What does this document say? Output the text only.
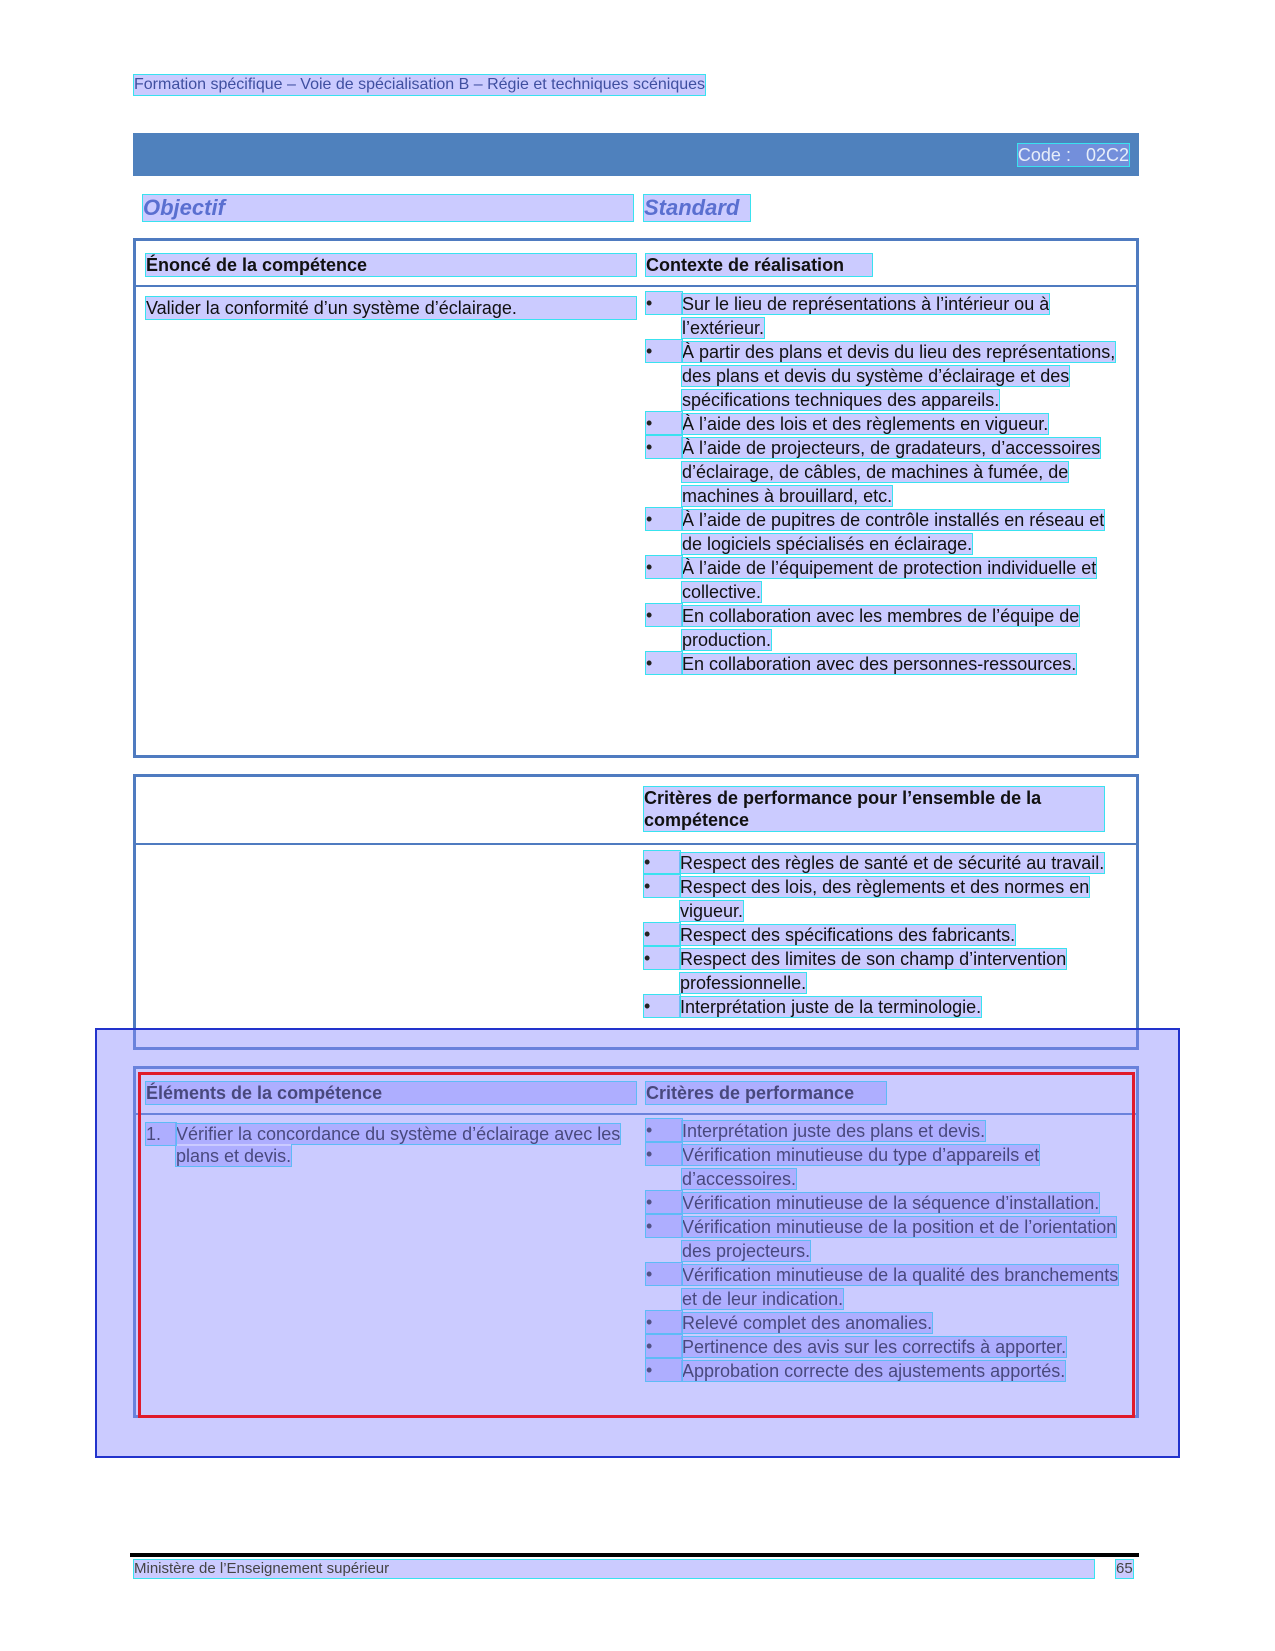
Formation spécifique – Voie de spécialisation B – Régie et techniques scéniques
Code : 02C2
Objectif	Standard
Énoncé de la compétence	Contexte de réalisation
Valider la conformité d’un système d’éclairage.
•	Sur le lieu de représentations à l’intérieur ou à l’extérieur.
•
À partir des plans et devis du lieu des représentations, des plans et devis du système d’éclairage et des spécifications techniques des appareils.
•
À l’aide des lois et des règlements en vigueur.
•
À l’aide de projecteurs, de gradateurs, d’accessoires d’éclairage, de câbles, de machines à fumée, de machines à brouillard, etc.
•
À l’aide de pupitres de contrôle installés en réseau et de logiciels spécialisés en éclairage.
•
À l’aide de l’équipement de protection individuelle et collective.
•
En collaboration avec les membres de l’équipe de production.
•
En collaboration avec des personnes-ressources.
Critères de performance pour l’ensemble de la compétence
•
Respect des règles de santé et de sécurité au travail.
•
Respect des lois, des règlements et des normes en vigueur.
•
Respect des spécifications des fabricants.
•
Respect des limites de son champ d’intervention professionnelle.
•
Interprétation juste de la terminologie.
Éléments de la compétence	Critères de performance
1. Vérifier la concordance du système d’éclairage avec les plans et devis.
•
Interprétation juste des plans et devis.
•
Vérification minutieuse du type d’appareils et d’accessoires.
•
Vérification minutieuse de la séquence d’installation.
•
Vérification minutieuse de la position et de l’orientation des projecteurs.
•
Vérification minutieuse de la qualité des branchements et de leur indication.
•
Relevé complet des anomalies.
•
Pertinence des avis sur les correctifs à apporter.
•
Approbation correcte des ajustements apportés.
Ministère de l’Enseignement supérieur	65
